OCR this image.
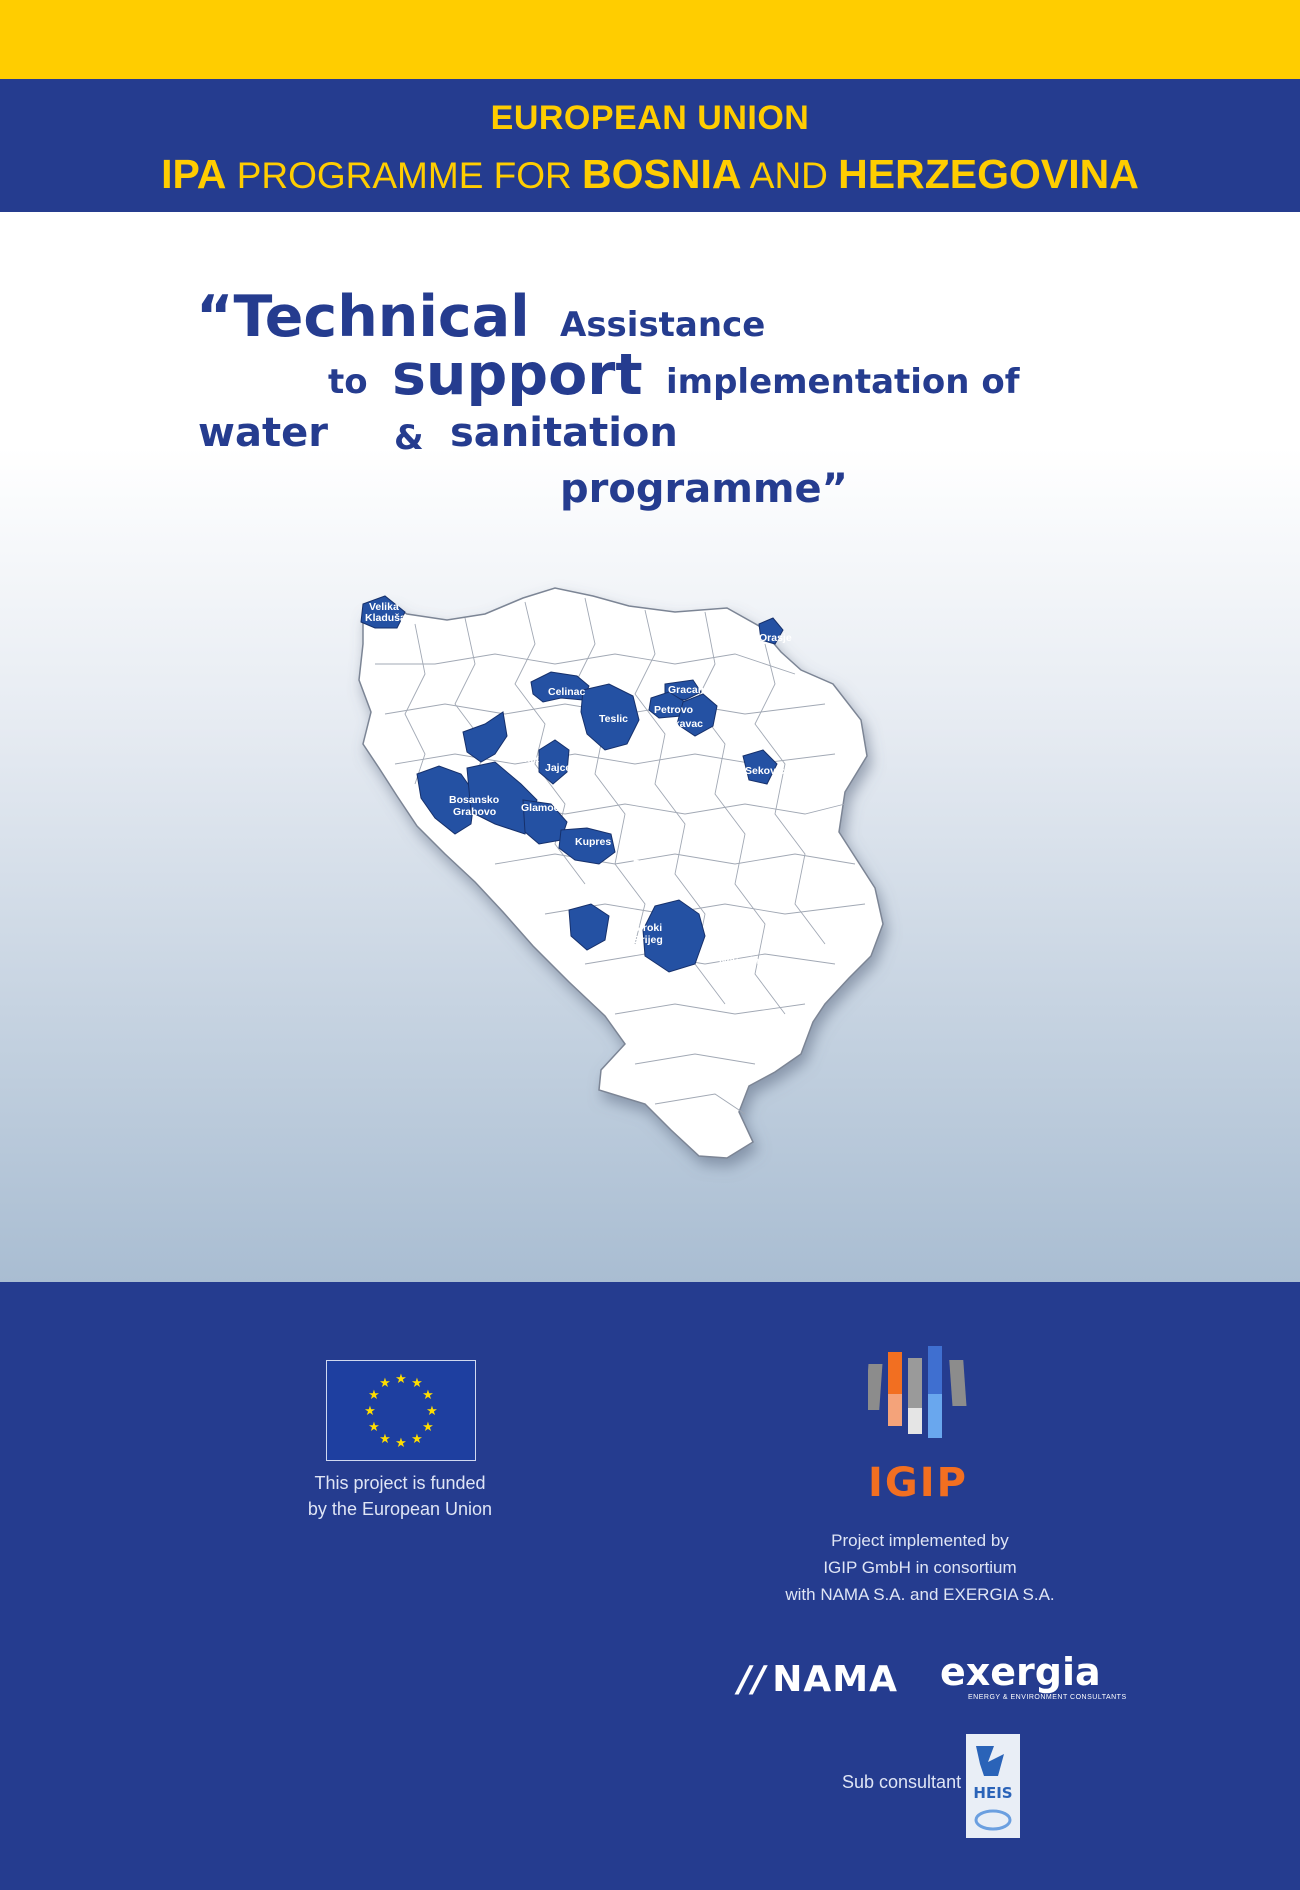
EUROPEAN UNION
IPA PROGRAMME FOR BOSNIA AND HERZEGOVINA
“Technical Assistance
to support implementation of
water & sanitation
programme”
Velika
Kladuša
Orasje
Celinac	Gracanica
Petrovo
Lukavac
Teslic
Ribnik
Jajce	Sekovici
Bosansko
Grahovo Glamoč
Kupres
Prozor
Rama
Široki
Brijeg
Nevesinje
★ ★
★
★
★
★
★
★
★
★
★
★
This project is funded
by the European Union
IGIP
Project implemented by
IGIP GmbH in consortium
with NAMA S.A. and EXERGIA S.A.
// NAMA exergia
ENERGY & ENVIRONMENT CONSULTANTS
Sub consultant
HEIS
